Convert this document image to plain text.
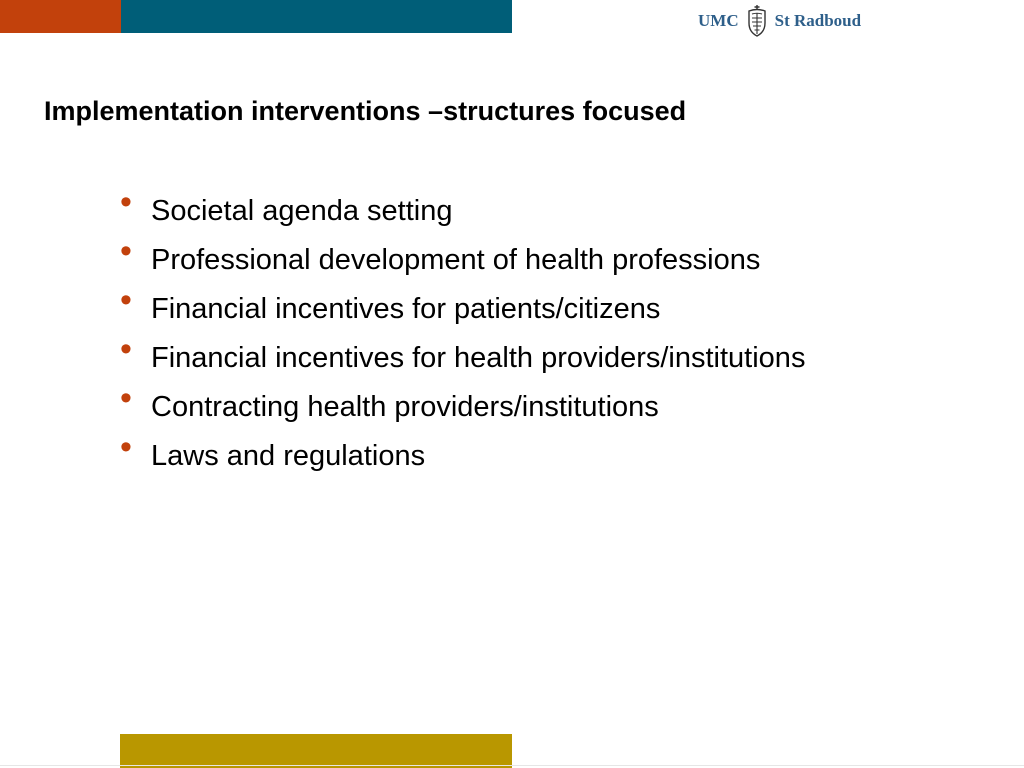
UMC St Radboud
Implementation interventions –structures focused
• Societal agenda setting
• Professional development of health professions
• Financial incentives for patients/citizens
• Financial incentives for health providers/institutions
• Contracting health providers/institutions
• Laws and regulations
